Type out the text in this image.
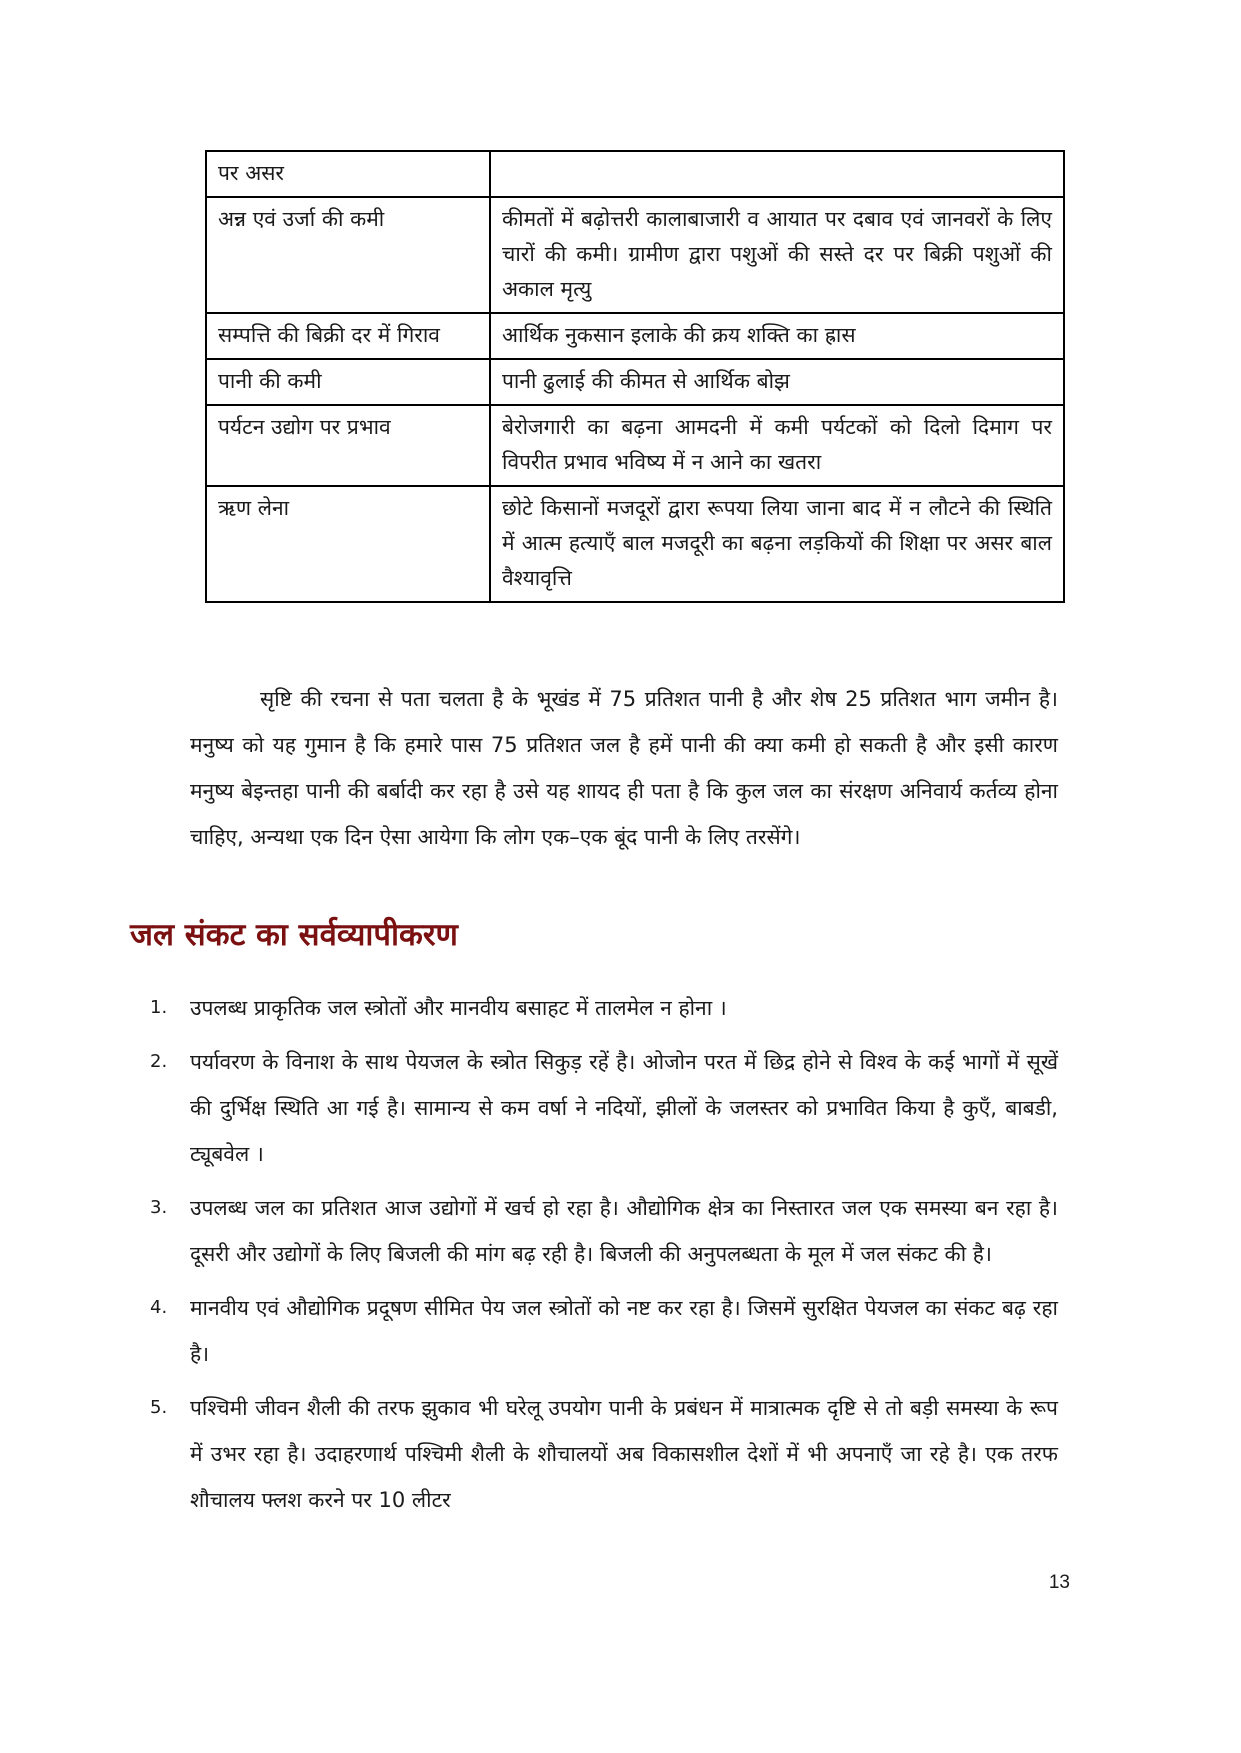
पर असर	
अन्न एवं उर्जा की कमी	कीमतों में बढ़ोत्तरी कालाबाजारी व आयात पर दबाव एवं जानवरों के लिए चारों की कमी। ग्रामीण द्वारा पशुओं की सस्ते दर पर बिक्री पशुओं की अकाल मृत्यु
सम्पत्ति की बिक्री दर में गिराव	आर्थिक नुकसान इलाके की क्रय शक्ति का ह्रास
पानी की कमी	पानी ढुलाई की कीमत से आर्थिक बोझ
पर्यटन उद्योग पर प्रभाव	बेरोजगारी का बढ़ना आमदनी में कमी पर्यटकों को दिलो दिमाग पर विपरीत प्रभाव भविष्य में न आने का खतरा
ऋण लेना	छोटे किसानों मजदूरों द्वारा रूपया लिया जाना बाद में न लौटने की स्थिति में आत्म हत्याएँ बाल मजदूरी का बढ़ना लड़कियों की शिक्षा पर असर बाल वैश्यावृत्ति

सृष्टि की रचना से पता चलता है के भूखंड में 75 प्रतिशत पानी है और शेष 25 प्रतिशत भाग जमीन है। मनुष्य को यह गुमान है कि हमारे पास 75 प्रतिशत जल है हमें पानी की क्या कमी हो सकती है और इसी कारण मनुष्य बेइन्तहा पानी की बर्बादी कर रहा है उसे यह शायद ही पता है कि कुल जल का संरक्षण अनिवार्य कर्तव्य होना चाहिए, अन्यथा एक दिन ऐसा आयेगा कि लोग एक–एक बूंद पानी के लिए तरसेंगे।

जल संकट का सर्वव्यापीकरण
1.	उपलब्ध प्राकृतिक जल स्त्रोतों और मानवीय बसाहट में तालमेल न होना ।
2.	पर्यावरण के विनाश के साथ पेयजल के स्त्रोत सिकुड़ रहें है। ओजोन परत में छिद्र होने से विश्व के कई भागों में सूखें की दुर्भिक्ष स्थिति आ गई है। सामान्य से कम वर्षा ने नदियों, झीलों के जलस्तर को प्रभावित किया है कुएँ, बाबडी, ट्यूबवेल ।
3.	उपलब्ध जल का प्रतिशत आज उद्योगों में खर्च हो रहा है। औद्योगिक क्षेत्र का निस्तारत जल एक समस्या बन रहा है। दूसरी और उद्योगों के लिए बिजली की मांग बढ़ रही है। बिजली की अनुपलब्धता के मूल में जल संकट की है।
4.	मानवीय एवं औद्योगिक प्रदूषण सीमित पेय जल स्त्रोतों को नष्ट कर रहा है। जिसमें सुरक्षित पेयजल का संकट बढ़ रहा है।
5.	पश्चिमी जीवन शैली की तरफ झुकाव भी घरेलू उपयोग पानी के प्रबंधन में मात्रात्मक दृष्टि से तो बड़ी समस्या के रूप में उभर रहा है। उदाहरणार्थ पश्चिमी शैली के शौचालयों अब विकासशील देशों में भी अपनाएँ जा रहे है। एक तरफ शौचालय फ्लश करने पर 10 लीटर
13
